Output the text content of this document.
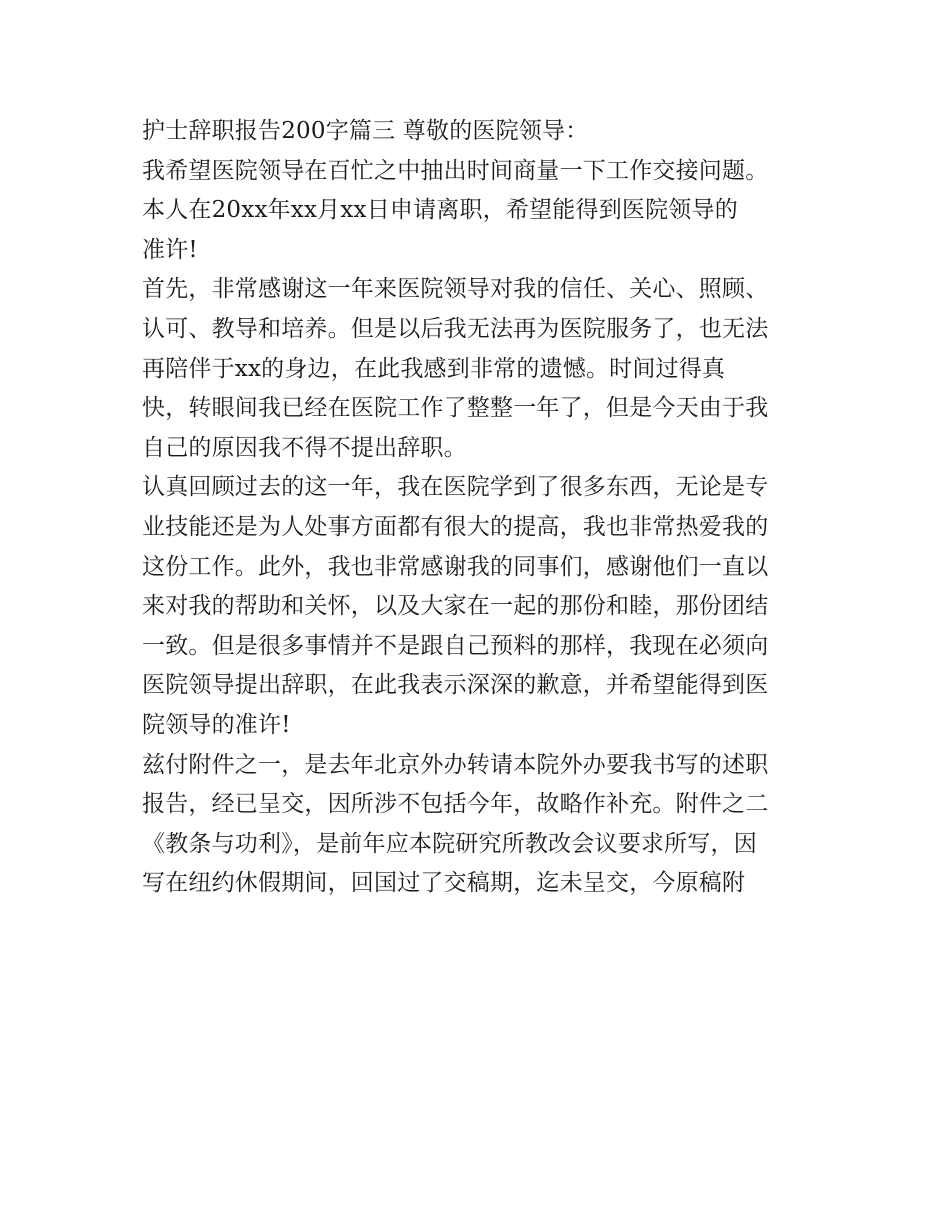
护士辞职报告200字篇三 尊敬的医院领导：
我希望医院领导在百忙之中抽出时间商量一下工作交接问题。
本人在20xx年xx月xx日申请离职，希望能得到医院领导的
准许!
首先，非常感谢这一年来医院领导对我的信任、关心、照顾、
认可、教导和培养。但是以后我无法再为医院服务了，也无法
再陪伴于xx的身边，在此我感到非常的遗憾。时间过得真
快，转眼间我已经在医院工作了整整一年了，但是今天由于我
自己的原因我不得不提出辞职。
认真回顾过去的这一年，我在医院学到了很多东西，无论是专
业技能还是为人处事方面都有很大的提高，我也非常热爱我的
这份工作。此外，我也非常感谢我的同事们，感谢他们一直以
来对我的帮助和关怀，以及大家在一起的那份和睦，那份团结
一致。但是很多事情并不是跟自己预料的那样，我现在必须向
医院领导提出辞职，在此我表示深深的歉意，并希望能得到医
院领导的准许!
兹付附件之一，是去年北京外办转请本院外办要我书写的述职
报告，经已呈交，因所涉不包括今年，故略作补充。附件之二
《教条与功利》，是前年应本院研究所教改会议要求所写，因
写在纽约休假期间，回国过了交稿期，迄未呈交，今原稿附
